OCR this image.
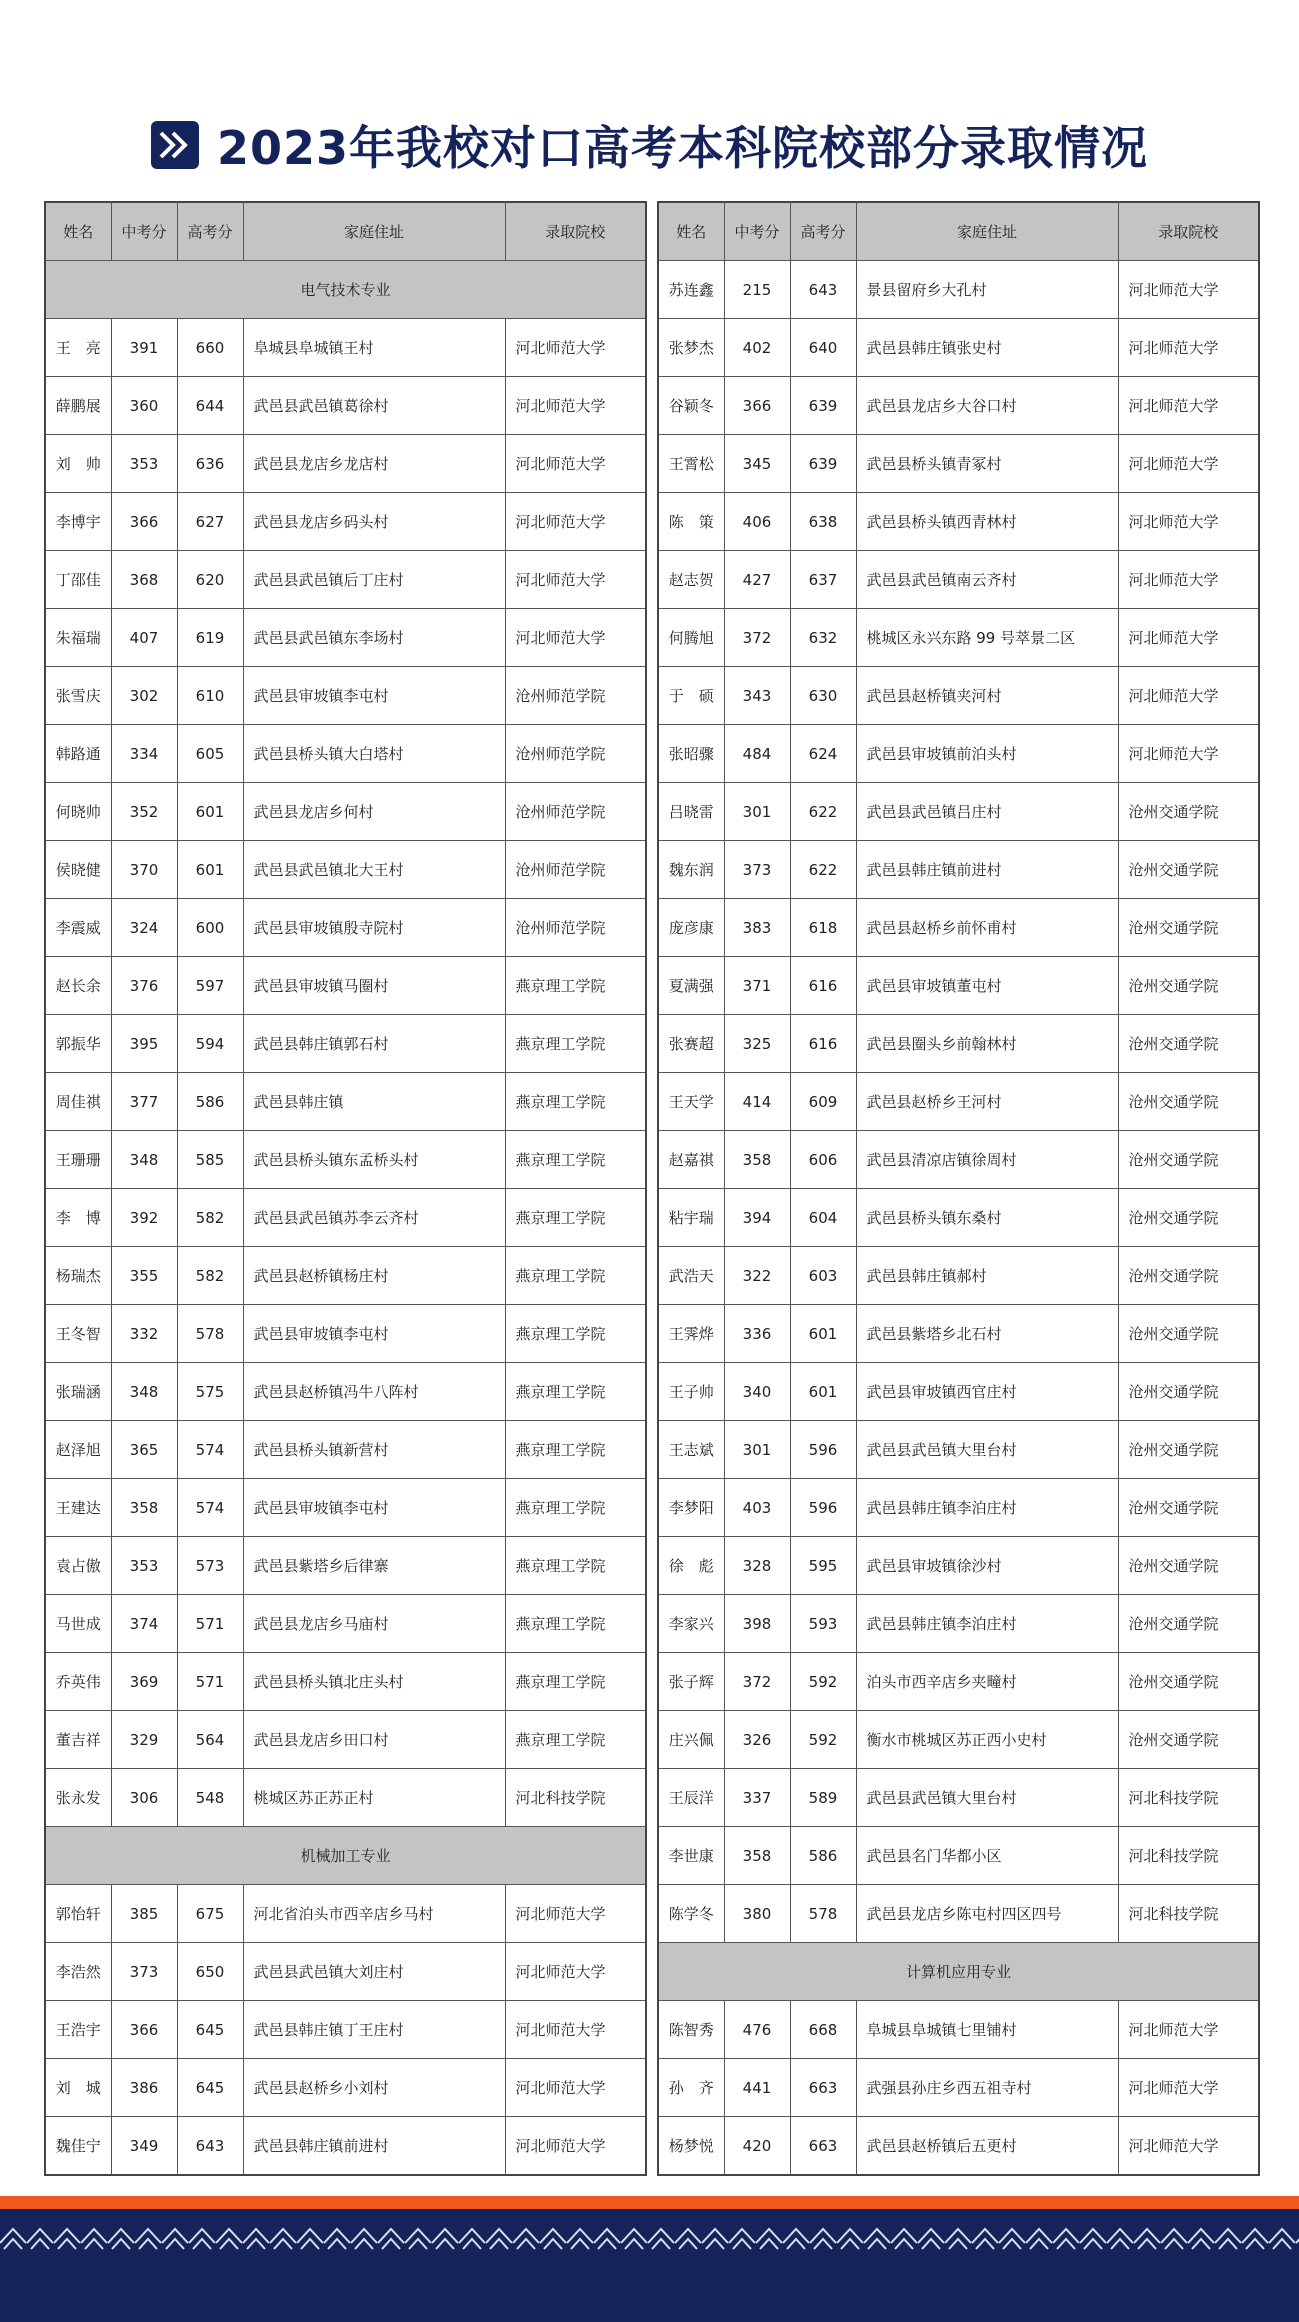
2023年我校对口高考本科院校部分录取情况
姓名	中考分	高考分	家庭住址	录取院校
电气技术专业				
王　亮	391	660	阜城县阜城镇王村	河北师范大学
薛鹏展	360	644	武邑县武邑镇葛徐村	河北师范大学
刘　帅	353	636	武邑县龙店乡龙店村	河北师范大学
李博宇	366	627	武邑县龙店乡码头村	河北师范大学
丁邵佳	368	620	武邑县武邑镇后丁庄村	河北师范大学
朱福瑞	407	619	武邑县武邑镇东李场村	河北师范大学
张雪庆	302	610	武邑县审坡镇李屯村	沧州师范学院
韩路通	334	605	武邑县桥头镇大白塔村	沧州师范学院
何晓帅	352	601	武邑县龙店乡何村	沧州师范学院
侯晓健	370	601	武邑县武邑镇北大王村	沧州师范学院
李震威	324	600	武邑县审坡镇殷寺院村	沧州师范学院
赵长余	376	597	武邑县审坡镇马圈村	燕京理工学院
郭振华	395	594	武邑县韩庄镇郭石村	燕京理工学院
周佳祺	377	586	武邑县韩庄镇	燕京理工学院
王珊珊	348	585	武邑县桥头镇东孟桥头村	燕京理工学院
李　博	392	582	武邑县武邑镇苏李云齐村	燕京理工学院
杨瑞杰	355	582	武邑县赵桥镇杨庄村	燕京理工学院
王冬智	332	578	武邑县审坡镇李屯村	燕京理工学院
张瑞涵	348	575	武邑县赵桥镇冯牛八阵村	燕京理工学院
赵泽旭	365	574	武邑县桥头镇新营村	燕京理工学院
王建达	358	574	武邑县审坡镇李屯村	燕京理工学院
袁占傲	353	573	武邑县紫塔乡后律寨	燕京理工学院
马世成	374	571	武邑县龙店乡马庙村	燕京理工学院
乔英伟	369	571	武邑县桥头镇北庄头村	燕京理工学院
董吉祥	329	564	武邑县龙店乡田口村	燕京理工学院
张永发	306	548	桃城区苏正苏正村	河北科技学院
机械加工专业				
郭怡轩	385	675	河北省泊头市西辛店乡马村	河北师范大学
李浩然	373	650	武邑县武邑镇大刘庄村	河北师范大学
王浩宇	366	645	武邑县韩庄镇丁王庄村	河北师范大学
刘　城	386	645	武邑县赵桥乡小刘村	河北师范大学
魏佳宁	349	643	武邑县韩庄镇前进村	河北师范大学
姓名	中考分	高考分	家庭住址	录取院校
苏连鑫	215	643	景县留府乡大孔村	河北师范大学
张梦杰	402	640	武邑县韩庄镇张史村	河北师范大学
谷颖冬	366	639	武邑县龙店乡大谷口村	河北师范大学
王霄松	345	639	武邑县桥头镇青冢村	河北师范大学
陈　策	406	638	武邑县桥头镇西青林村	河北师范大学
赵志贺	427	637	武邑县武邑镇南云齐村	河北师范大学
何腾旭	372	632	桃城区永兴东路 99 号萃景二区	河北师范大学
于　硕	343	630	武邑县赵桥镇夹河村	河北师范大学
张昭骤	484	624	武邑县审坡镇前泊头村	河北师范大学
吕晓雷	301	622	武邑县武邑镇吕庄村	沧州交通学院
魏东润	373	622	武邑县韩庄镇前进村	沧州交通学院
庞彦康	383	618	武邑县赵桥乡前怀甫村	沧州交通学院
夏满强	371	616	武邑县审坡镇董屯村	沧州交通学院
张赛超	325	616	武邑县圈头乡前翰林村	沧州交通学院
王天学	414	609	武邑县赵桥乡王河村	沧州交通学院
赵嘉祺	358	606	武邑县清凉店镇徐周村	沧州交通学院
粘宇瑞	394	604	武邑县桥头镇东桑村	沧州交通学院
武浩天	322	603	武邑县韩庄镇郝村	沧州交通学院
王霁烨	336	601	武邑县紫塔乡北石村	沧州交通学院
王子帅	340	601	武邑县审坡镇西官庄村	沧州交通学院
王志斌	301	596	武邑县武邑镇大里台村	沧州交通学院
李梦阳	403	596	武邑县韩庄镇李泊庄村	沧州交通学院
徐　彪	328	595	武邑县审坡镇徐沙村	沧州交通学院
李家兴	398	593	武邑县韩庄镇李泊庄村	沧州交通学院
张子辉	372	592	泊头市西辛店乡夹疃村	沧州交通学院
庄兴佩	326	592	衡水市桃城区苏正西小史村	沧州交通学院
王辰洋	337	589	武邑县武邑镇大里台村	河北科技学院
李世康	358	586	武邑县名门华都小区	河北科技学院
陈学冬	380	578	武邑县龙店乡陈屯村四区四号	河北科技学院
计算机应用专业				
陈智秀	476	668	阜城县阜城镇七里铺村	河北师范大学
孙　齐	441	663	武强县孙庄乡西五祖寺村	河北师范大学
杨梦悦	420	663	武邑县赵桥镇后五更村	河北师范大学
